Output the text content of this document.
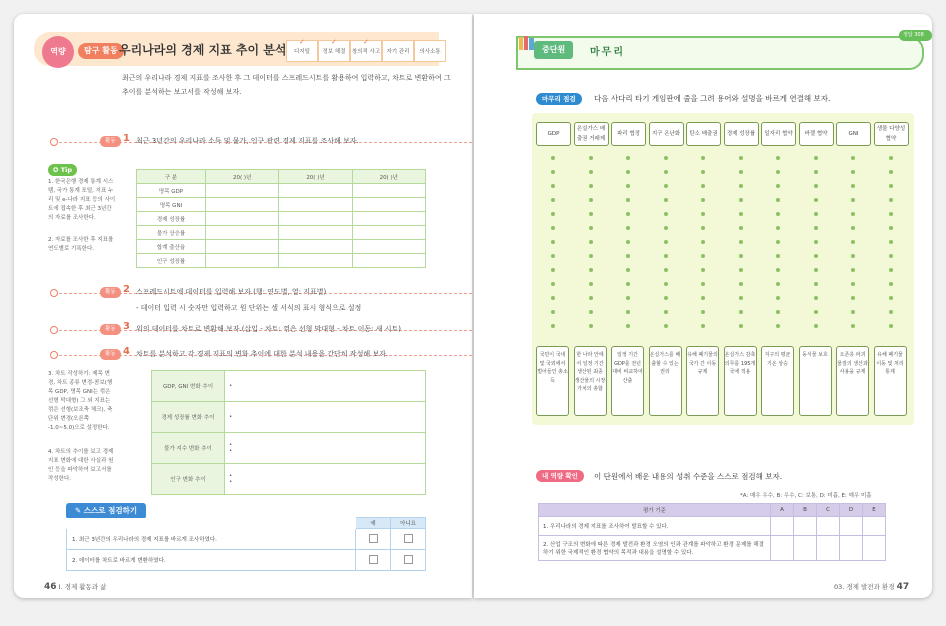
역량	탐구 활동 우리나라의 경제 지표 추이 분석
✓
디지털
✓
정보 해결
✓
창의적 사고	자기 관리	의사소통
최근의 우리나라 경제 지표를 조사한 후 그 데이터를 스프레드시트를 활용하여 입력하고, 차트로 변환하여 그 추이를 분석하는 보고서를 작성해 보자.
활동 1 최근 3년간의 우리나라 소득 및 물가, 인구 관련 경제 지표를 조사해 보자.
✪ Tip
1. 한국은행 경제 통계 시스템, 국가 통계 포털, 지표 누리 및 e-나라 지표 등의 사이트에 접속한 후 최근 3년간의 자료를 조사한다.
2. 자료를 조사한 후 지표를 연도별로 기록한다.
구 분	20( )년	20( )년	20( )년
명목 GDP			
명목 GNI			
경제 성장률			
물가 상승률			
합계 출산율			
인구 성장률			
활동 2 스프레드시트에 데이터를 입력해 보자.(행: 연도별, 열: 지표별)
- 데이터 입력 시 숫자만 입력하고 원 단위는 셀 서식의 표시 형식으로 설정
활동 3 위의 데이터를 차트로 변환해 보자.(삽입 - 차트: 꺾은 선형 막대형 - 차트 이동: 새 시트)
활동 4 차트를 분석하고 각 경제 지표의 변화 추이에 대한 분석 내용을 간단히 작성해 보자.
3. 차트 작성하기: 제목 변경, 차트 종류 변경-콤보(행목 GDP, 명목 GNI는 꺾은 선형 막대형) 그 외 지표는 꺾은 선형(보조축 체크), 축 단위 변경(오른쪽 -1.0~5.0)으로 설정한다.
4. 차트의 추이를 보고 경제 지표 변화에 대한 사실과 원인 등을 파악하여 보고서를 작성한다.
GDP, GNI 변화 추이	•
경제 성장률 변화 추이	•
물가 지수 변화 추이	•
•

인구 변화 추이	•
•
✎ 스스로 점검하기
	예	아니요
1. 최근 3년간의 우리나라의 경제 지표를 바르게 조사하였다.		
2. 데이터를 차트로 바르게 변환하였다.		
46 I. 경제 활동과 삶
중단원	마무리
정답 308쪽
마무리 점검	다음 사다리 타기 게임판에 줄을 그려 용어와 설명을 바르게 연결해 보자.
내 역량 확인	이 단원에서 배운 내용의 성취 수준을 스스로 점검해 보자.
*A: 매우 우수, B: 우수, C: 보통, D: 미흡, E: 매우 미흡
평가 기준	A	B	C	D	E
1. 우리나라의 경제 지표를 조사하여 발표할 수 있다.					
2. 산업 구조의 변화에 따른 경제 발전과 환경 오염의 인과 관계를 파악하고 환경 문제를 해결하기 위한 국제적인 환경 협약의 목적과 내용을 설명할 수 있다.					
03. 경제 발전과 환경 47
GDP
국민이 국내 및 국외에서 벌어들인 총소득
온실가스 배출권 거래제
한 나라 안에서 일정 기간 생산된 최종 생산물의 시장 가치의 총합
파리 협정
일정 기간 GDP를 전년 대비 비교하여 산출
지구 온난화
온실가스를 배출할 수 있는 권리
탄소 배출권
유해 폐기물의 국가 간 이동 규제
경제 성장률
온실가스 감축 의무를 195개국에 적용
일자리 협약
지구의 평균 기온 상승
바젤 협약
동식물 보호
GNI
오존층 파괴 물질의 생산과 사용을 규제
생물 다양성 협약
유해 폐기물 이동 및 처리 통제
